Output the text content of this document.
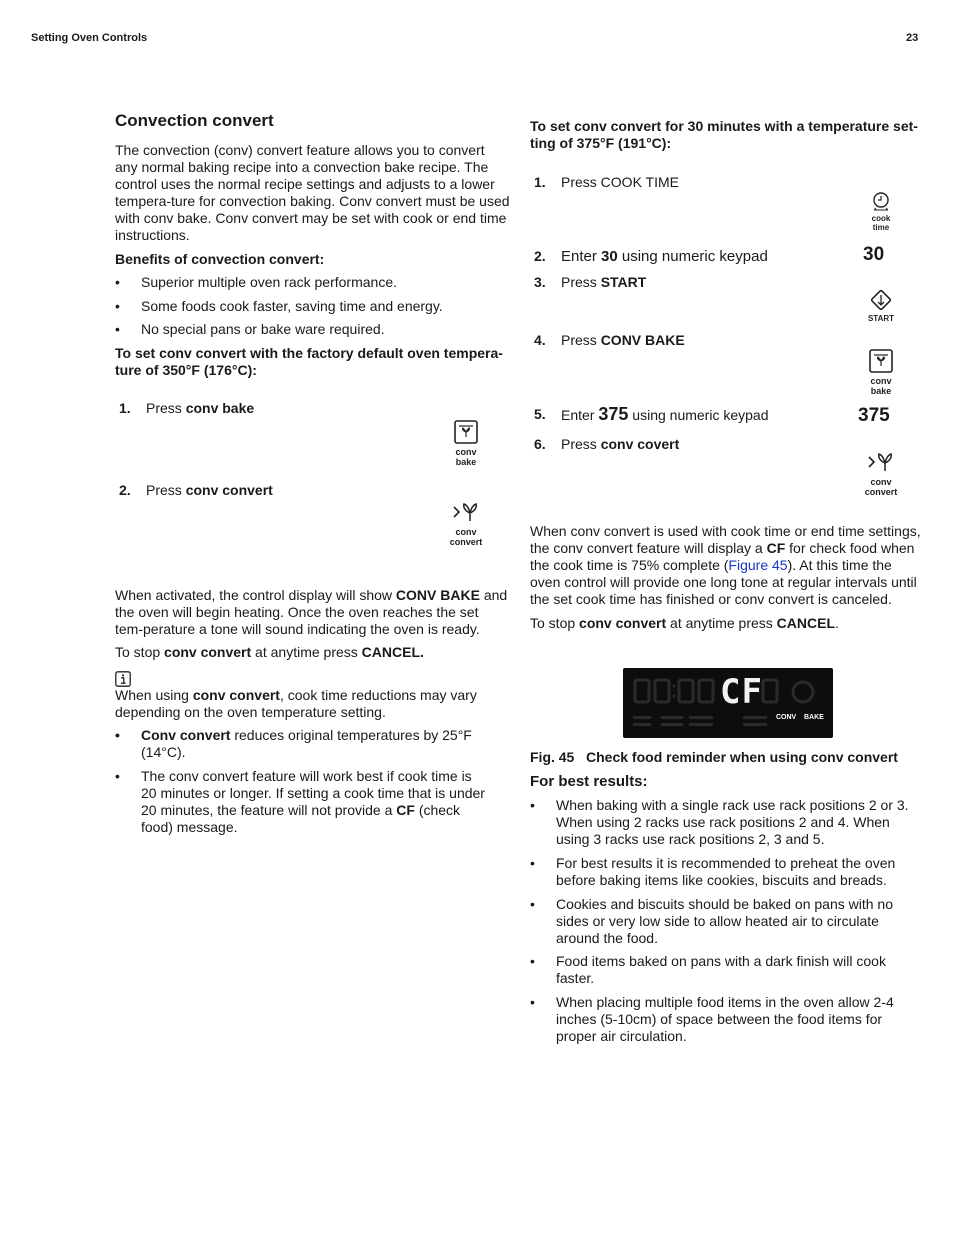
Setting Oven Controls	23
Convection convert
The convection (conv) convert feature allows you to convert any normal baking recipe into a convection bake recipe. The control uses the normal recipe settings and adjusts to a lower tempera-ture for convection baking. Conv convert must be used with conv bake. Conv convert may be set with cook or end time instructions.
Benefits of convection convert:
• Superior multiple oven rack performance.
• Some foods cook faster, saving time and energy.
• No special pans or bake ware required.
To set conv convert with the factory default oven tempera-ture of 350°F (176°C):
1. Press conv bake
conv
bake
2. Press conv convert
conv
convert
When activated, the control display will show CONV BAKE and the oven will begin heating. Once the oven reaches the set tem-perature a tone will sound indicating the oven is ready.
To stop conv convert at anytime press CANCEL.
When using conv convert, cook time reductions may vary depending on the oven temperature setting.
• Conv convert reduces original temperatures by 25°F (14°C).
• The conv convert feature will work best if cook time is 20 minutes or longer. If setting a cook time that is under 20 minutes, the feature will not provide a CF (check food) message.
To set conv convert for 30 minutes with a temperature set-ting of 375°F (191°C):
1. Press COOK TIME
cook
time
2. Enter 30 using numeric keypad	30
3. Press START
START
4. Press CONV BAKE
conv
bake
5. Enter 375 using numeric keypad	375
6. Press conv covert
conv
convert
When conv convert is used with cook time or end time settings, the conv convert feature will display a CF for check food when the cook time is 75% complete (Figure 45). At this time the oven control will provide one long tone at regular intervals until the set cook time has finished or conv convert is canceled.
To stop conv convert at anytime press CANCEL.
CF
CONV BAKE
Fig. 45   Check food reminder when using conv convert
For best results:
• When baking with a single rack use rack positions 2 or 3. When using 2 racks use rack positions 2 and 4. When using 3 racks use rack positions 2, 3 and 5.
• For best results it is recommended to preheat the oven before baking items like cookies, biscuits and breads.
• Cookies and biscuits should be baked on pans with no sides or very low side to allow heated air to circulate around the food.
• Food items baked on pans with a dark finish will cook faster.
• When placing multiple food items in the oven allow 2-4 inches (5-10cm) of space between the food items for proper air circulation.
